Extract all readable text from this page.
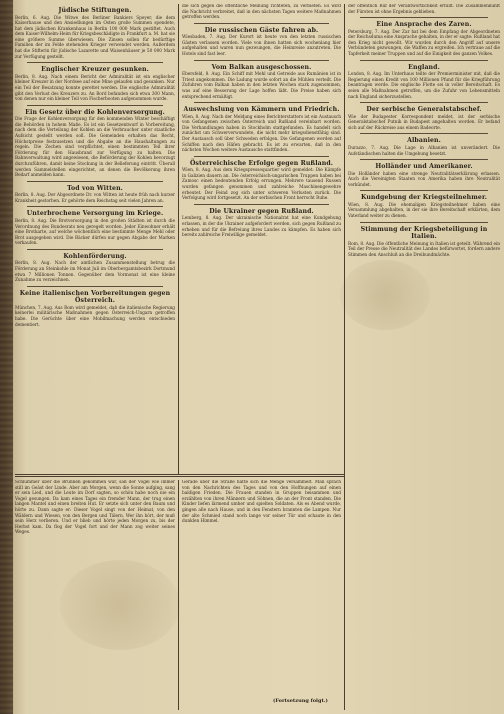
Jüdische Stiftungen.

Berlin, 6. Aug. Die Witwe des Berliner Bankiers Speyer, die dem Kaiserhause und den Ansiedlungen im Osten große Summen spendete, hat dem jüdischen Krankenhaus in Berlin 100 000 Mark gestiftet. Auch dem Kaiser-Wilhelm-Heim für Kriegsbeschädigte in Frankfurt a. M. hat sie eine größere Summe überwiesen. Die Zinsen sollen für bedürftige Familien der im Felde stehenden Krieger verwendet werden. Außerdem hat die Stifterin für jüdische Lazarette und Waisenhäuser je 50 000 Mark zur Verfügung gestellt.

Englischer Kreuzer gesunken.

Berlin, 8. Aug. Nach einem Bericht der Admiralität ist ein englischer kleiner Kreuzer in der Nordsee auf eine Mine gelaufen und gesunken. Nur ein Teil der Besatzung konnte gerettet werden. Die englische Admiralität gibt den Verlust des Kreuzers zu. An Bord befanden sich etwa 300 Mann, von denen nur ein kleiner Teil von Fischerbooten aufgenommen wurde.

Ein Gesetz über die Kohlenversorgung.

Die Frage der Kohlenversorgung für den kommenden Winter beschäftigt die Behörden in hohem Maße. Es ist ein Gesetzentwurf in Vorbereitung, nach dem die Verteilung der Kohlen an die Verbraucher unter staatliche Aufsicht gestellt werden soll. Die Gemeinden erhalten das Recht, Höchstpreise festzusetzen und die Abgabe an die Haushaltungen zu regeln. Die Zechen sind verpflichtet, einen bestimmten Teil ihrer Förderung für den Hausbrand zur Verfügung zu halten. Die Bahnverwaltung wird angewiesen, die Beförderung der Kohlen bevorzugt durchzuführen, damit keine Stockung in der Belieferung eintritt. Überall werden Sammelstellen eingerichtet, an denen die Bevölkerung ihren Bedarf anmelden kann.

Tod von Witten.

Berlin, 8. Aug. Der Abgeordnete Dr. von Witten ist heute früh nach kurzer Krankheit gestorben. Er gehörte dem Reichstag seit vielen Jahren an.

Unterbrochene Versorgung im Kriege.

Berlin, 8. Aug. Die Brotversorgung in den großen Städten ist durch die Verordnung des Bundesrats neu geregelt worden. Jeder Einwohner erhält eine Brotkarte, auf welche wöchentlich eine bestimmte Menge Mehl oder Brot ausgegeben wird. Die Bäcker dürfen nur gegen Abgabe der Marken verkaufen.

Kohlenförderung.

Berlin, 8. Aug. Nach der amtlichen Zusammenstellung betrug die Förderung an Steinkohle im Monat Juli im Oberbergamtsbezirk Dortmund etwa 7 Millionen Tonnen. Gegenüber dem Vormonat ist eine kleine Zunahme zu verzeichnen.

Keine italienischen Vorbereitungen gegen Österreich.

München, 7. Aug. Aus Rom wird gemeldet, daß die italienische Regierung keinerlei militärische Maßnahmen gegen Österreich-Ungarn getroffen habe. Die Gerüchte über eine Mobilmachung werden entschieden dementiert.

die sich gegen die öffentliche Meinung richteten, zu verbieten. Es wird die Nachricht verbreitet, daß in den nächsten Tagen weitere Maßnahmen getroffen werden.

Die russischen Gäste fahren ab.

Wiesbaden, 7. Aug. Der Kurort ist heute von den letzten russischen Gästen verlassen worden. Viele von ihnen hatten sich wochenlang hier aufgehalten und waren nun gezwungen, die Heimreise anzutreten. Die Hotels sind fast leer.

Vom Balkan ausgeschossen.

Ebersfeld, 8. Aug. Ein Schiff mit Mehl und Getreide aus Rumänien ist in Triest angekommen. Die Ladung wurde sofort an die Mühlen verteilt. Die Zufuhren vom Balkan haben in den letzten Wochen stark zugenommen, was auf eine Besserung der Lage hoffen läßt. Die Preise haben sich entsprechend ermäßigt.

Auswechslung von Kämmern und Friedrich.

Wien, 8. Aug. Nach der Meldung eines Berichterstatters ist ein Austausch von Gefangenen zwischen Österreich und Rußland vereinbart worden. Die Verhandlungen haben in Stockholm stattgefunden. Es handelt sich zunächst um Schwerverwundete, die nicht mehr kriegsdienstfähig sind. Der Austausch soll über Schweden erfolgen. Die Gefangenen werden auf Schiffen nach den Häfen gebracht. Es ist zu erwarten, daß in den nächsten Wochen weitere Austausche stattfinden.

Österreichische Erfolge gegen Rußland.

Wien, 8. Aug. Aus dem Kriegspressequartier wird gemeldet: Die Kämpfe in Galizien dauern an. Die österreichisch-ungarischen Truppen haben bei Zamosc einen bedeutenden Erfolg errungen. Mehrere tausend Russen wurden gefangen genommen und zahlreiche Maschinengewehre erbeutet. Der Feind zog sich unter schweren Verlusten zurück. Die Verfolgung wird fortgesetzt. An der serbischen Front herrscht Ruhe.

Die Ukrainer gegen Rußland.

Lemberg, 8. Aug. Der ukrainische Nationalrat hat eine Kundgebung erlassen, in der die Ukrainer aufgefordert werden, sich gegen Rußland zu erheben und für die Befreiung ihres Landes zu kämpfen. Es haben sich bereits zahlreiche Freiwillige gemeldet.

der öffentlich Ruf der Verantwortlichkeit erfüllt. Die Zusammenkunft der Fürsten ist ohne Ergebnis geblieben.

Eine Ansprache des Zaren.

Petersburg, 7. Aug. Der Zar hat bei dem Empfang der Abgeordneten der Reichsduma eine Ansprache gehalten, in der er sagte: Rußland hat den Krieg nicht gewollt. Wir wurden durch den Angriff auf unsere Verbündeten gezwungen, die Waffen zu ergreifen. Ich vertraue auf die Tapferkeit meiner Truppen und auf die Einigkeit des ganzen Volkes.

England.

London, 8. Aug. Im Unterhaus teilte der Premierminister mit, daß die Regierung einen Kredit von 100 Millionen Pfund für die Kriegführung beantragen werde. Die englische Flotte sei in voller Bereitschaft. Es seien alle Maßnahmen getroffen, um die Zufuhr von Lebensmitteln nach England sicherzustellen.

Der serbische Generalstabschef.

Wie der Budapester Korrespondent meldet, ist der serbische Generalstabschef Putnik in Budapest angehalten worden. Er befand sich auf der Rückreise aus einem Badeorte.

Albanien.

Durazzo, 7. Aug. Die Lage in Albanien ist unverändert. Die Aufständischen halten die Umgebung besetzt.

Holländer und Amerikaner.

Die Holländer haben eine strenge Neutralitätserklärung erlassen. Auch die Vereinigten Staaten von Amerika haben ihre Neutralität verkündet.

Kundgebung der Kriegsteilnehmer.

Wien, 8. Aug. Die ehemaligen Kriegsteilnehmer haben eine Versammlung abgehalten, in der sie ihre Bereitschaft erklärten, dem Vaterland weiter zu dienen.

Stimmung der Kriegsbeteiligung in Italien.

Rom, 8. Aug. Die öffentliche Meinung in Italien ist geteilt. Während ein Teil der Presse die Neutralität des Landes befürwortet, fordern andere Stimmen den Anschluß an die Dreibundmächte.

Schlummer über die Brunnen gekommen war, saß der Vogel wie immer still im Geäst der Linde. Aber am Morgen, wenn die Sonne aufging, sang er sein Lied, und die Leute im Dorf sagten, so schön habe noch nie ein Vogel gesungen. Da kam eines Tages ein fremder Mann, der trug einen langen Mantel und einen breiten Hut. Er setzte sich unter den Baum und hörte zu. Dann sagte er: Dieser Vogel singt von der Heimat, von den Wäldern und Wiesen, von den Bergen und Tälern. Wer ihn hört, der muß sein Herz verlieren. Und er blieb und hörte jeden Morgen zu, bis der Herbst kam. Da flog der Vogel fort und der Mann zog weiter seines Weges.

Gerade über die Straße hatte sich die Menge versammelt. Man sprach von den Nachrichten des Tages und von den Hoffnungen auf einen baldigen Frieden. Die Frauen standen in Gruppen beisammen und erzählten von ihren Männern und Söhnen, die an der Front standen. Die Kinder liefen lärmend umher und spielten Soldaten. Als es Abend wurde, gingen alle nach Hause, und in den Fenstern brannten die Lampen. Nur der alte Schmied stand noch lange vor seiner Tür und schaute in den dunklen Himmel.

(Fortsetzung folgt.)
